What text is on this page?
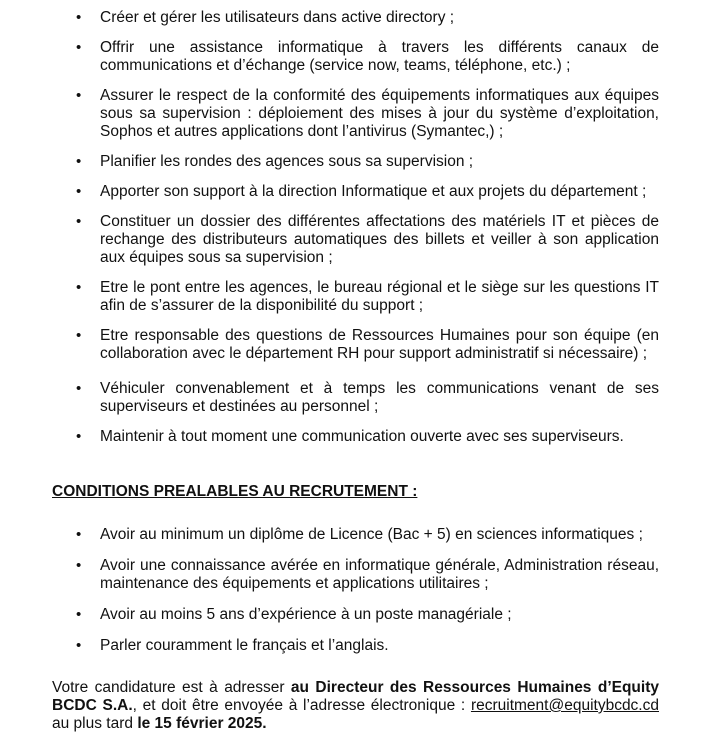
• Créer et gérer les utilisateurs dans active directory ;
• Offrir une assistance informatique à travers les différents canaux de communications et d’échange (service now, teams, téléphone, etc.) ;
• Assurer le respect de la conformité des équipements informatiques aux équipes sous sa supervision : déploiement des mises à jour du système d’exploitation, Sophos et autres applications dont l’antivirus (Symantec,) ;
• Planifier les rondes des agences sous sa supervision ;
• Apporter son support à la direction Informatique et aux projets du département ;
• Constituer un dossier des différentes affectations des matériels IT et pièces de rechange des distributeurs automatiques des billets et veiller à son application aux équipes sous sa supervision ;
• Etre le pont entre les agences, le bureau régional et le siège sur les questions IT afin de s’assurer de la disponibilité du support ;
• Etre responsable des questions de Ressources Humaines pour son équipe (en collaboration avec le département RH pour support administratif si nécessaire) ;
• Véhiculer convenablement et à temps les communications venant de ses superviseurs et destinées au personnel ;
• Maintenir à tout moment une communication ouverte avec ses superviseurs.

CONDITIONS PREALABLES AU RECRUTEMENT :

• Avoir au minimum un diplôme de Licence (Bac + 5) en sciences informatiques ;
• Avoir une connaissance avérée en informatique générale, Administration réseau, maintenance des équipements et applications utilitaires ;
• Avoir au moins 5 ans d’expérience à un poste managériale ;
• Parler couramment le français et l’anglais.

Votre candidature est à adresser au Directeur des Ressources Humaines d’Equity BCDC S.A., et doit être envoyée à l’adresse électronique : recruitment@equitybcdc.cd au plus tard le 15 février 2025.
